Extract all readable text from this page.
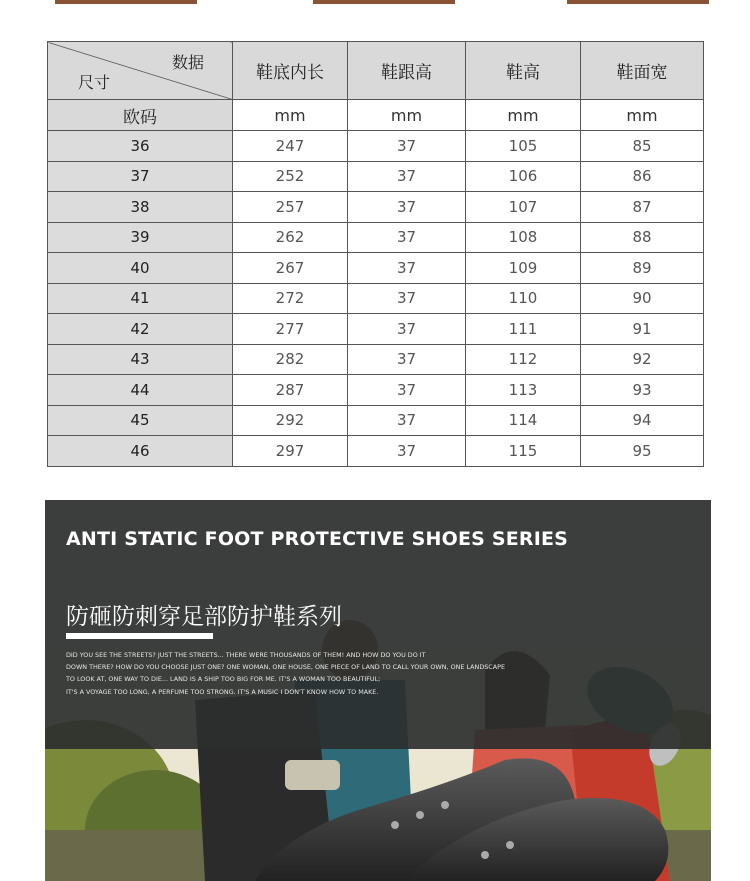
数据
尺寸	鞋底内长	鞋跟高	鞋高	鞋面宽
欧码	mm	mm	mm	mm
36	247	37	105	85
37	252	37	106	86
38	257	37	107	87
39	262	37	108	88
40	267	37	109	89
41	272	37	110	90
42	277	37	111	91
43	282	37	112	92
44	287	37	113	93
45	292	37	114	94
46	297	37	115	95
ANTI STATIC FOOT PROTECTIVE SHOES SERIES
防砸防刺穿足部防护鞋系列
DID YOU SEE THE STREETS? JUST THE STREETS... THERE WERE THOUSANDS OF THEM! AND HOW DO YOU DO IT
DOWN THERE? HOW DO YOU CHOOSE JUST ONE? ONE WOMAN, ONE HOUSE, ONE PIECE OF LAND TO CALL YOUR OWN, ONE LANDSCAPE
TO LOOK AT, ONE WAY TO DIE... LAND IS A SHIP TOO BIG FOR ME. IT'S A WOMAN TOO BEAUTIFUL;
IT'S A VOYAGE TOO LONG, A PERFUME TOO STRONG. IT'S A MUSIC I DON'T KNOW HOW TO MAKE.
